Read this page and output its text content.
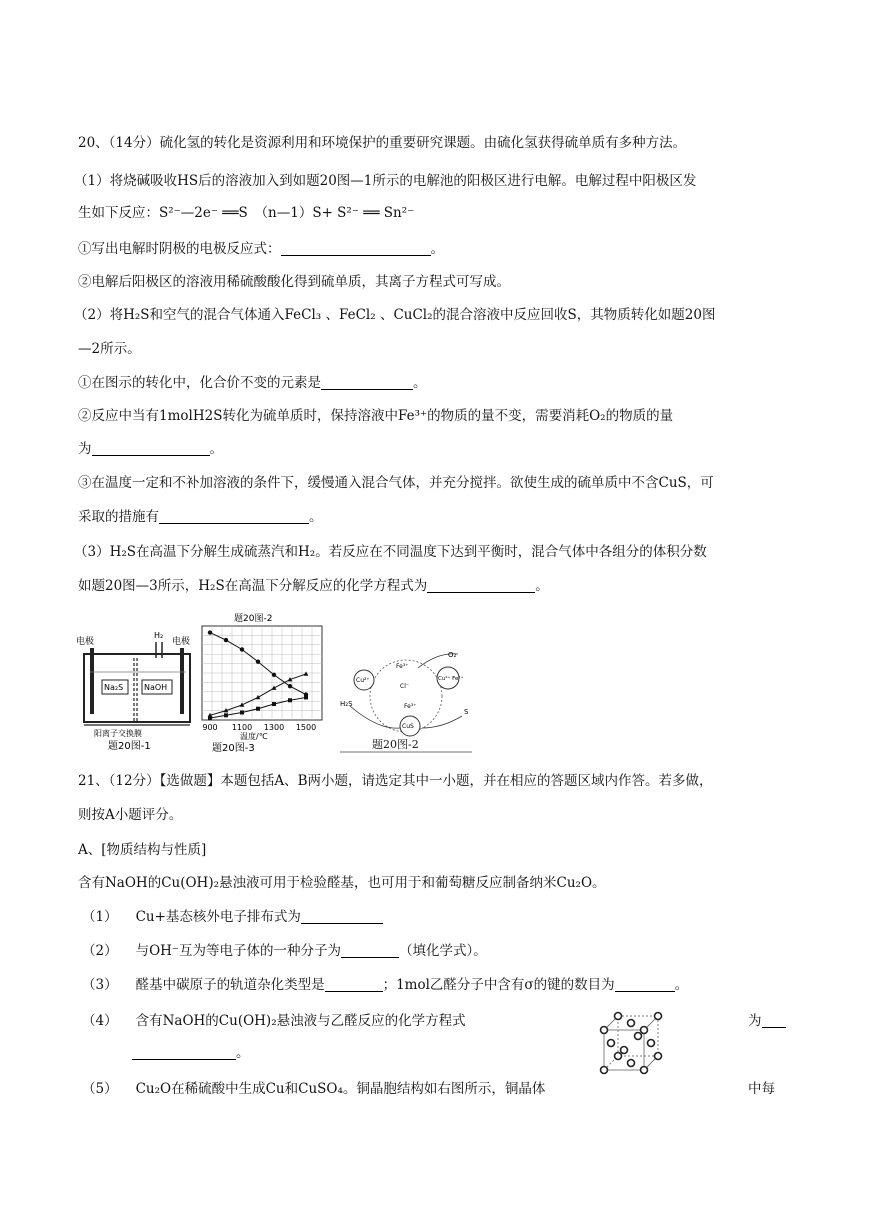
20、（14分）硫化氢的转化是资源利用和环境保护的重要研究课题。由硫化氢获得硫单质有多种方法。
（1）将烧碱吸收HS后的溶液加入到如题20图—1所示的电解池的阳极区进行电解。电解过程中阳极区发
生如下反应：S²⁻—2e⁻ ══S　（n—1）S+ S²⁻ ══ Sn²⁻
①写出电解时阴极的电极反应式：	。
②电解后阳极区的溶液用稀硫酸酸化得到硫单质，其离子方程式可写成。
（2）将H₂S和空气的混合气体通入FeCl₃ 、FeCl₂ 、CuCl₂的混合溶液中反应回收S，其物质转化如题20图
—2所示。
①在图示的转化中，化合价不变的元素是	。
②反应中当有1molH2S转化为硫单质时，保持溶液中Fe³⁺的物质的量不变，需要消耗O₂的物质的量
为	。
③在温度一定和不补加溶液的条件下，缓慢通入混合气体，并充分搅拌。欲使生成的硫单质中不含CuS，可
采取的措施有	。
（3）H₂S在高温下分解生成硫蒸汽和H₂。若反应在不同温度下达到平衡时，混合气体中各组分的体积分数
如题20图—3所示，H₂S在高温下分解反应的化学方程式为	。
电极	电极
H₂
Na₂S	NaOH
阳离子交换膜
题20图-1
题20图-2
900 1100 1300 1500
温度/℃
题20图-3
O₂
H₂S
S
Cu²⁺
Fe³⁺
Cl⁻
Fe³⁺
Cu²⁺ Fe²⁺
CuS
题20图-2
21、（12分）【选做题】本题包括A、B两小题，请选定其中一小题，并在相应的答题区域内作答。若多做，
则按A小题评分。
A、[物质结构与性质]
含有NaOH的Cu(OH)₂悬浊液可用于检验醛基，也可用于和葡萄糖反应制备纳米Cu₂O。
（1） Cu+基态核外电子排布式为
（2） 与OH⁻互为等电子体的一种分子为	（填化学式）。
（3） 醛基中碳原子的轨道杂化类型是	；1mol乙醛分子中含有σ的键的数目为	。
（4） 含有NaOH的Cu(OH)₂悬浊液与乙醛反应的化学方程式	为
。
（5） Cu₂O在稀硫酸中生成Cu和CuSO₄。铜晶胞结构如右图所示，铜晶体	中每
